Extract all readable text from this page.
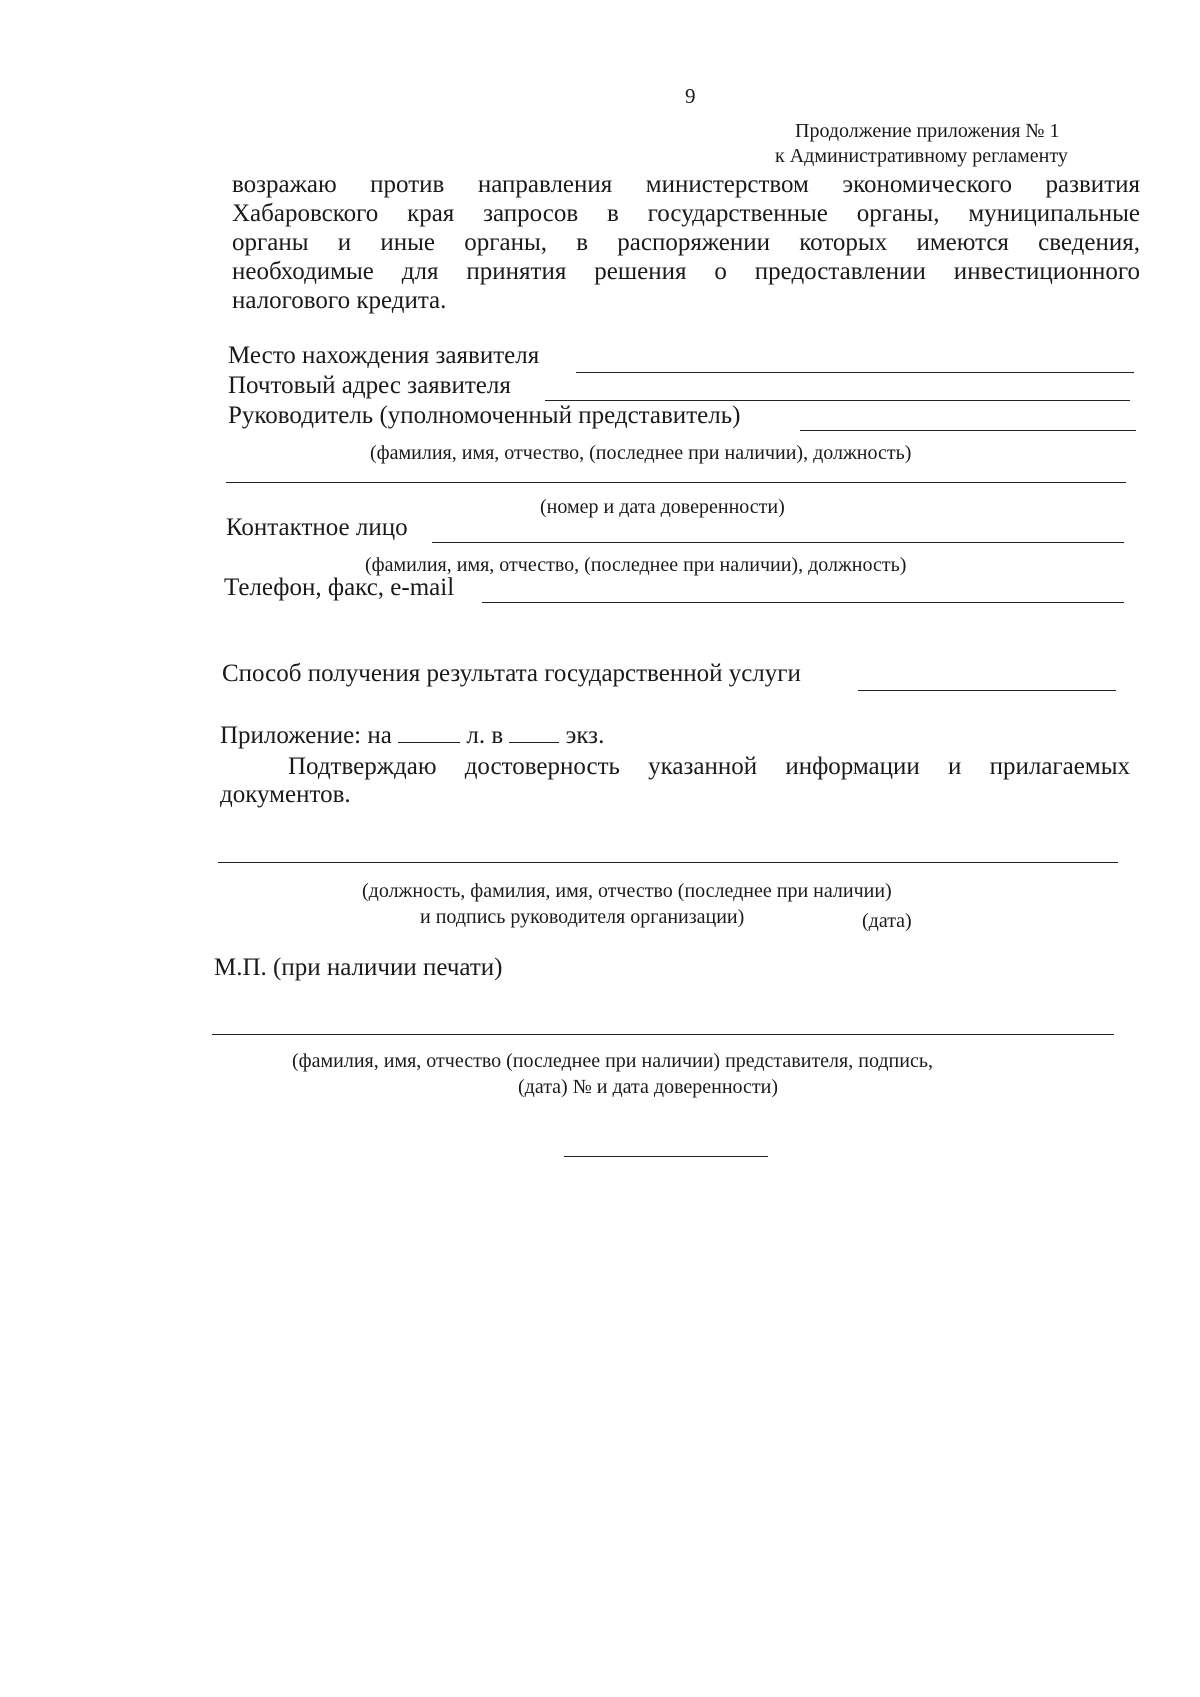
9
Продолжение приложения № 1
к Административному регламенту
возражаю против направления министерством экономического развития
Хабаровского края запросов в государственные органы, муниципальные
органы и иные органы, в распоряжении которых имеются сведения,
необходимые для принятия решения о предоставлении инвестиционного
налогового кредита.
Место нахождения заявителя
Почтовый адрес заявителя
Руководитель (уполномоченный представитель)
(фамилия, имя, отчество, (последнее при наличии), должность)
(номер и дата доверенности)
Контактное лицо
(фамилия, имя, отчество, (последнее при наличии), должность)
Телефон, факс, e-mail
Способ получения результата государственной услуги
Приложение: на	л. в	экз.
Подтверждаю достоверность указанной информации и прилагаемых
документов.
(должность, фамилия, имя, отчество (последнее при наличии)
и подпись руководителя организации)	(дата)
М.П. (при наличии печати)
(фамилия, имя, отчество (последнее при наличии) представителя, подпись,
(дата) № и дата доверенности)
